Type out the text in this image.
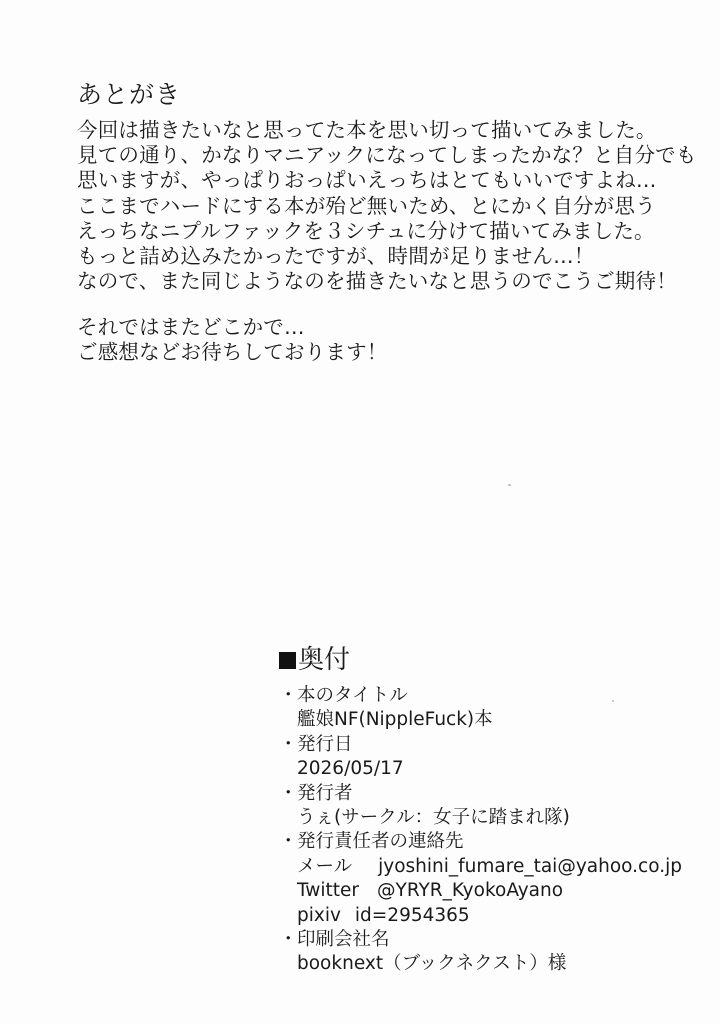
あとがき
今回は描きたいなと思ってた本を思い切って描いてみました。
見ての通り、かなりマニアックになってしまったかな？と自分でも
思いますが、やっぱりおっぱいえっちはとてもいいですよね…
ここまでハードにする本が殆ど無いため、とにかく自分が思う
えっちなニプルファックを３シチュに分けて描いてみました。
もっと詰め込みたかったですが、時間が足りません…！
なので、また同じようなのを描きたいなと思うのでこうご期待！
それではまたどこかで…
ご感想などお待ちしております！
奥付
・本のタイトル
艦娘NF(NippleFuck)本
・発行日
2026/05/17
・発行者
うぇ(サークル：女子に踏まれ隊)
・発行責任者の連絡先
メール jyoshini_fumare_tai@yahoo.co.jp
Twitter @YRYR_KyokoAyano
pixiv id=2954365
・印刷会社名
booknext（ブックネクスト）様
